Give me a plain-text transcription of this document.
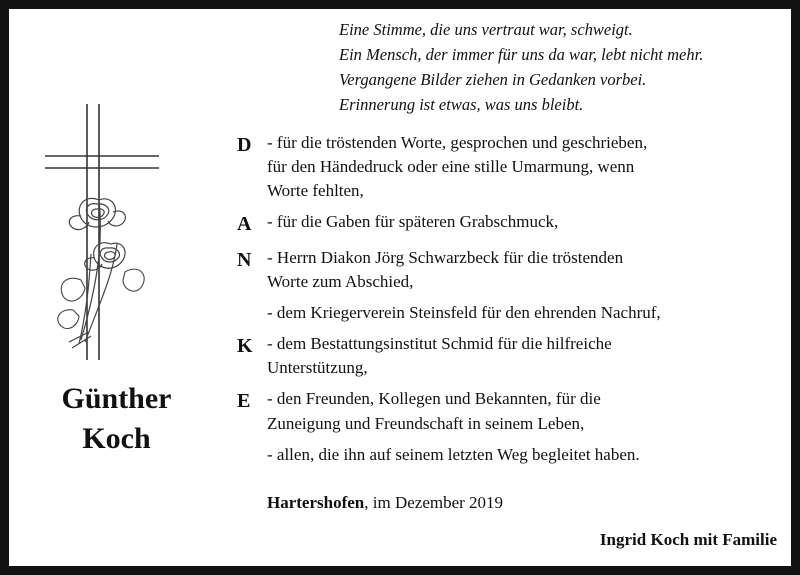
Günther
Koch
Eine Stimme, die uns vertraut war, schweigt.
Ein Mensch, der immer für uns da war, lebt nicht mehr.
Vergangene Bilder ziehen in Gedanken vorbei.
Erinnerung ist etwas, was uns bleibt.
D - für die tröstenden Worte, gesprochen und geschrieben,
für den Händedruck oder eine stille Umarmung, wenn
Worte fehlten,
A - für die Gaben für späteren Grabschmuck,
N - Herrn Diakon Jörg Schwarzbeck für die tröstenden
Worte zum Abschied,
- dem Kriegerverein Steinsfeld für den ehrenden Nachruf,
K - dem Bestattungsinstitut Schmid für die hilfreiche
Unterstützung,
E - den Freunden, Kollegen und Bekannten, für die
Zuneigung und Freundschaft in seinem Leben,
- allen, die ihn auf seinem letzten Weg begleitet haben.
Hartershofen, im Dezember 2019
Ingrid Koch mit Familie
